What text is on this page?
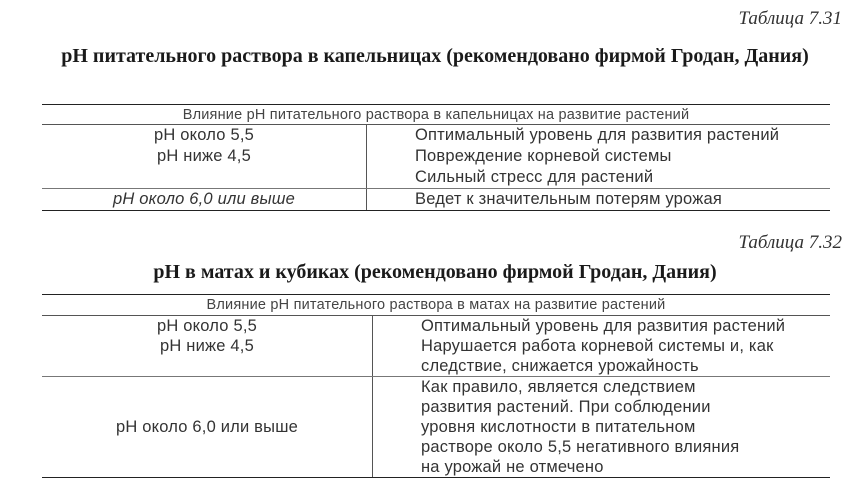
Таблица 7.31
pH питательного раствора в капельницах (рекомендовано фирмой Гродан, Дания)
Влияние pH питательного раствора в капельницах на развитие растений	
pH около 5,5	Оптимальный уровень для развития растений
pH ниже 4,5	Повреждение корневой системы
	Сильный стресс для растений
pH около 6,0 или выше	Ведет к значительным потерям урожая
Таблица 7.32
pH в матах и кубиках (рекомендовано фирмой Гродан, Дания)
Влияние pH питательного раствора в матах на развитие растений	
pH около 5,5	Оптимальный уровень для развития растений
pH ниже 4,5	Нарушается работа корневой системы и, как следствие, снижается урожайность
pH около 6,0 или выше	Как правило, является следствием развития растений. При соблюдении уровня кислотности в питательном растворе около 5,5 негативного влияния на урожай не отмечено
